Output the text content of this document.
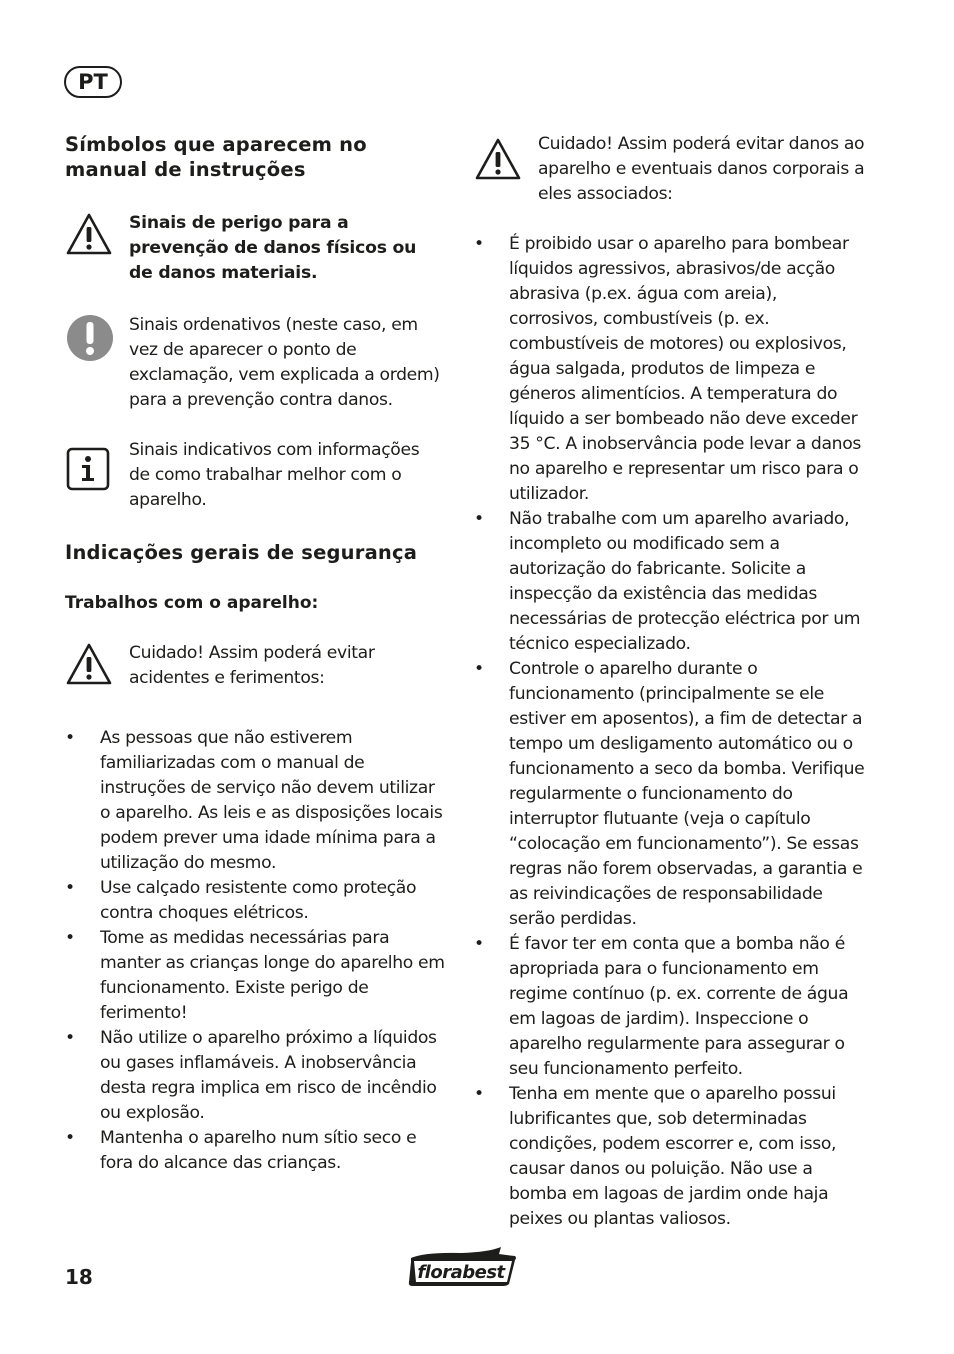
PT
Símbolos que aparecem no manual de instruções
Sinais de perigo para a prevenção de danos físicos ou de danos materiais.
Sinais ordenativos (neste caso, em vez de aparecer o ponto de exclamação, vem explicada a ordem) para a prevenção contra danos.
Sinais indicativos com informações de como trabalhar melhor com o aparelho.
Indicações gerais de segurança
Trabalhos com o aparelho:
Cuidado! Assim poderá evitar acidentes e ferimentos:
• As pessoas que não estiverem familiarizadas com o manual de instruções de serviço não devem utilizar o aparelho. As leis e as disposições locais podem prever uma idade mínima para a utilização do mesmo.
• Use calçado resistente como proteção contra choques elétricos.
• Tome as medidas necessárias para manter as crianças longe do aparelho em funcionamento. Existe perigo de ferimento!
• Não utilize o aparelho próximo a líquidos ou gases inflamáveis. A inobservância desta regra implica em risco de incêndio ou explosão.
• Mantenha o aparelho num sítio seco e fora do alcance das crianças.
Cuidado! Assim poderá evitar danos ao aparelho e eventuais danos corporais a eles associados:
• É proibido usar o aparelho para bombear líquidos agressivos, abrasivos/de acção abrasiva (p.ex. água com areia), corrosivos, combustíveis (p. ex. combustíveis de motores) ou explosivos, água salgada, produtos de limpeza e géneros alimentícios. A temperatura do líquido a ser bombeado não deve exceder 35 °C. A inobservância pode levar a danos no aparelho e representar um risco para o utilizador.
• Não trabalhe com um aparelho avariado, incompleto ou modificado sem a autorização do fabricante. Solicite a inspecção da existência das medidas necessárias de protecção eléctrica por um técnico especializado.
• Controle o aparelho durante o funcionamento (principalmente se ele estiver em aposentos), a fim de detectar a tempo um desligamento automático ou o funcionamento a seco da bomba. Verifique regularmente o funcionamento do interruptor flutuante (veja o capítulo “colocação em funcionamento”). Se essas regras não forem observadas, a garantia e as reivindicações de responsabilidade serão perdidas.
• É favor ter em conta que a bomba não é apropriada para o funcionamento em regime contínuo (p. ex. corrente de água em lagoas de jardim). Inspeccione o aparelho regularmente para assegurar o seu funcionamento perfeito.
• Tenha em mente que o aparelho possui lubrificantes que, sob determinadas condições, podem escorrer e, com isso, causar danos ou poluição. Não use a bomba em lagoas de jardim onde haja peixes ou plantas valiosos.
18	florabest
